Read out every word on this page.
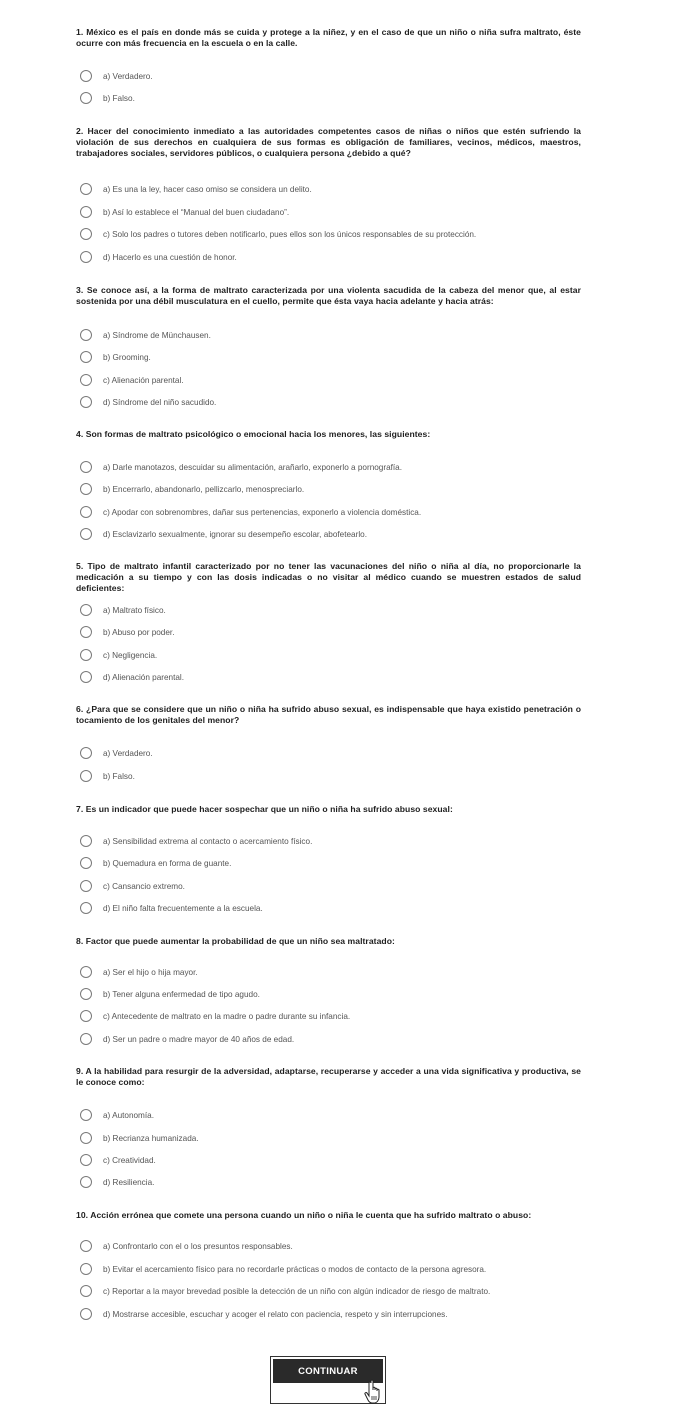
1. México es el país en donde más se cuida y protege a la niñez, y en el caso de que un niño o niña sufra maltrato, éste ocurre con más frecuencia en la escuela o en la calle.

a) Verdadero.
b) Falso.

2. Hacer del conocimiento inmediato a las autoridades competentes casos de niñas o niños que estén sufriendo la violación de sus derechos en cualquiera de sus formas es obligación de familiares, vecinos, médicos, maestros, trabajadores sociales, servidores públicos, o cualquiera persona ¿debido a qué?

a) Es una la ley, hacer caso omiso se considera un delito.
b) Así lo establece el “Manual del buen ciudadano”.
c) Solo los padres o tutores deben notificarlo, pues ellos son los únicos responsables de su protección.
d) Hacerlo es una cuestión de honor.

3. Se conoce así, a la forma de maltrato caracterizada por una violenta sacudida de la cabeza del menor que, al estar sostenida por una débil musculatura en el cuello, permite que ésta vaya hacia adelante y hacia atrás:

a) Síndrome de Münchausen.
b) Grooming.
c) Alienación parental.
d) Síndrome del niño sacudido.

4. Son formas de maltrato psicológico o emocional hacia los menores, las siguientes:

a) Darle manotazos, descuidar su alimentación, arañarlo, exponerlo a pornografía.
b) Encerrarlo, abandonarlo, pellizcarlo, menospreciarlo.
c) Apodar con sobrenombres, dañar sus pertenencias, exponerlo a violencia doméstica.
d) Esclavizarlo sexualmente, ignorar su desempeño escolar, abofetearlo.

5. Tipo de maltrato infantil caracterizado por no tener las vacunaciones del niño o niña al día, no proporcionarle la medicación a su tiempo y con las dosis indicadas o no visitar al médico cuando se muestren estados de salud deficientes:

a) Maltrato físico.
b) Abuso por poder.
c) Negligencia.
d) Alienación parental.

6. ¿Para que se considere que un niño o niña ha sufrido abuso sexual, es indispensable que haya existido penetración o tocamiento de los genitales del menor?

a) Verdadero.
b) Falso.

7. Es un indicador que puede hacer sospechar que un niño o niña ha sufrido abuso sexual:

a) Sensibilidad extrema al contacto o acercamiento físico.
b) Quemadura en forma de guante.
c) Cansancio extremo.
d) El niño falta frecuentemente a la escuela.

8. Factor que puede aumentar la probabilidad de que un niño sea maltratado:

a) Ser el hijo o hija mayor.
b) Tener alguna enfermedad de tipo agudo.
c) Antecedente de maltrato en la madre o padre durante su infancia.
d) Ser un padre o madre mayor de 40 años de edad.

9. A la habilidad para resurgir de la adversidad, adaptarse, recuperarse y acceder a una vida significativa y productiva, se le conoce como:

a) Autonomía.
b) Recrianza humanizada.
c) Creatividad.
d) Resiliencia.

10. Acción errónea que comete una persona cuando un niño o niña le cuenta que ha sufrido maltrato o abuso:

a) Confrontarlo con el o los presuntos responsables.
b) Evitar el acercamiento físico para no recordarle prácticas o modos de contacto de la persona agresora.
c) Reportar a la mayor brevedad posible la detección de un niño con algún indicador de riesgo de maltrato.
d) Mostrarse accesible, escuchar y acoger el relato con paciencia, respeto y sin interrupciones.
CONTINUAR
